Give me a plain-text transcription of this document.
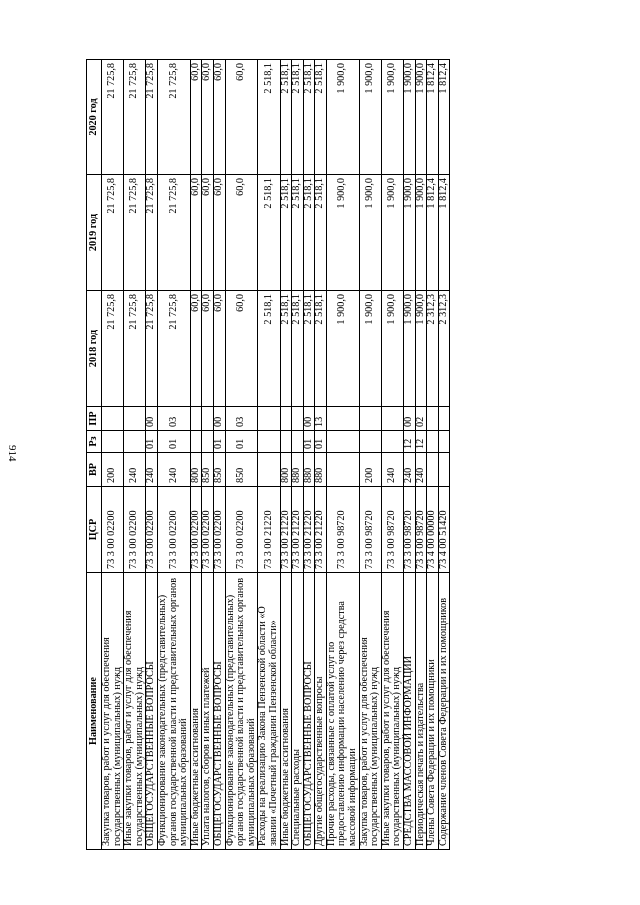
914
Наименование	ЦСР	ВР	Рз	ПР	2018 год	2019 год	2020 год
Закупка товаров, работ и услуг для обеспечения государственных (муниципальных) нужд	73 3 00 02200	200			21 725,8	21 725,8	21 725,8
Иные закупки товаров, работ и услуг для обеспечения государственных (муниципальных) нужд	73 3 00 02200	240			21 725,8	21 725,8	21 725,8
ОБЩЕГОСУДАРСТВЕННЫЕ ВОПРОСЫ	73 3 00 02200	240	01	00	21 725,8	21 725,8	21 725,8
Функционирование законодательных (представительных) органов государственной власти и представительных органов муниципальных образований	73 3 00 02200	240	01	03	21 725,8	21 725,8	21 725,8
Иные бюджетные ассигнования	73 3 00 02200	800			60,0	60,0	60,0
Уплата налогов, сборов и иных платежей	73 3 00 02200	850			60,0	60,0	60,0
ОБЩЕГОСУДАРСТВЕННЫЕ ВОПРОСЫ	73 3 00 02200	850	01	00	60,0	60,0	60,0
Функционирование законодательных (представительных) органов государственной власти и представительных органов муниципальных образований	73 3 00 02200	850	01	03	60,0	60,0	60,0
Расходы на реализацию Закона Пензенской области «О звании «Почетный гражданин Пензенской области»	73 3 00 21220				2 518,1	2 518,1	2 518,1
Иные бюджетные ассигнования	73 3 00 21220	800			2 518,1	2 518,1	2 518,1
Специальные расходы	73 3 00 21220	880			2 518,1	2 518,1	2 518,1
ОБЩЕГОСУДАРСТВЕННЫЕ ВОПРОСЫ	73 3 00 21220	880	01	00	2 518,1	2 518,1	2 518,1
Другие общегосударственные вопросы	73 3 00 21220	880	01	13	2 518,1	2 518,1	2 518,1
Прочие расходы, связанные с оплатой услуг по предоставлению информации населению через средства массовой информации	73 3 00 98720				1 900,0	1 900,0	1 900,0
Закупка товаров, работ и услуг для обеспечения государственных (муниципальных) нужд	73 3 00 98720	200			1 900,0	1 900,0	1 900,0
Иные закупки товаров, работ и услуг для обеспечения государственных (муниципальных) нужд	73 3 00 98720	240			1 900,0	1 900,0	1 900,0
СРЕДСТВА МАССОВОЙ ИНФОРМАЦИИ	73 3 00 98720	240	12	00	1 900,0	1 900,0	1 900,0
Периодическая печать и издательства	73 3 00 98720	240	12	02	1 900,0	1 900,0	1 900,0
Члены Совета Федерации и их помощники	73 4 00 00000				2 312,3	1 812,4	1 812,4
Содержание членов Совета Федерации и их помощников	73 4 00 51420				2 312,3	1 812,4	1 812,4
